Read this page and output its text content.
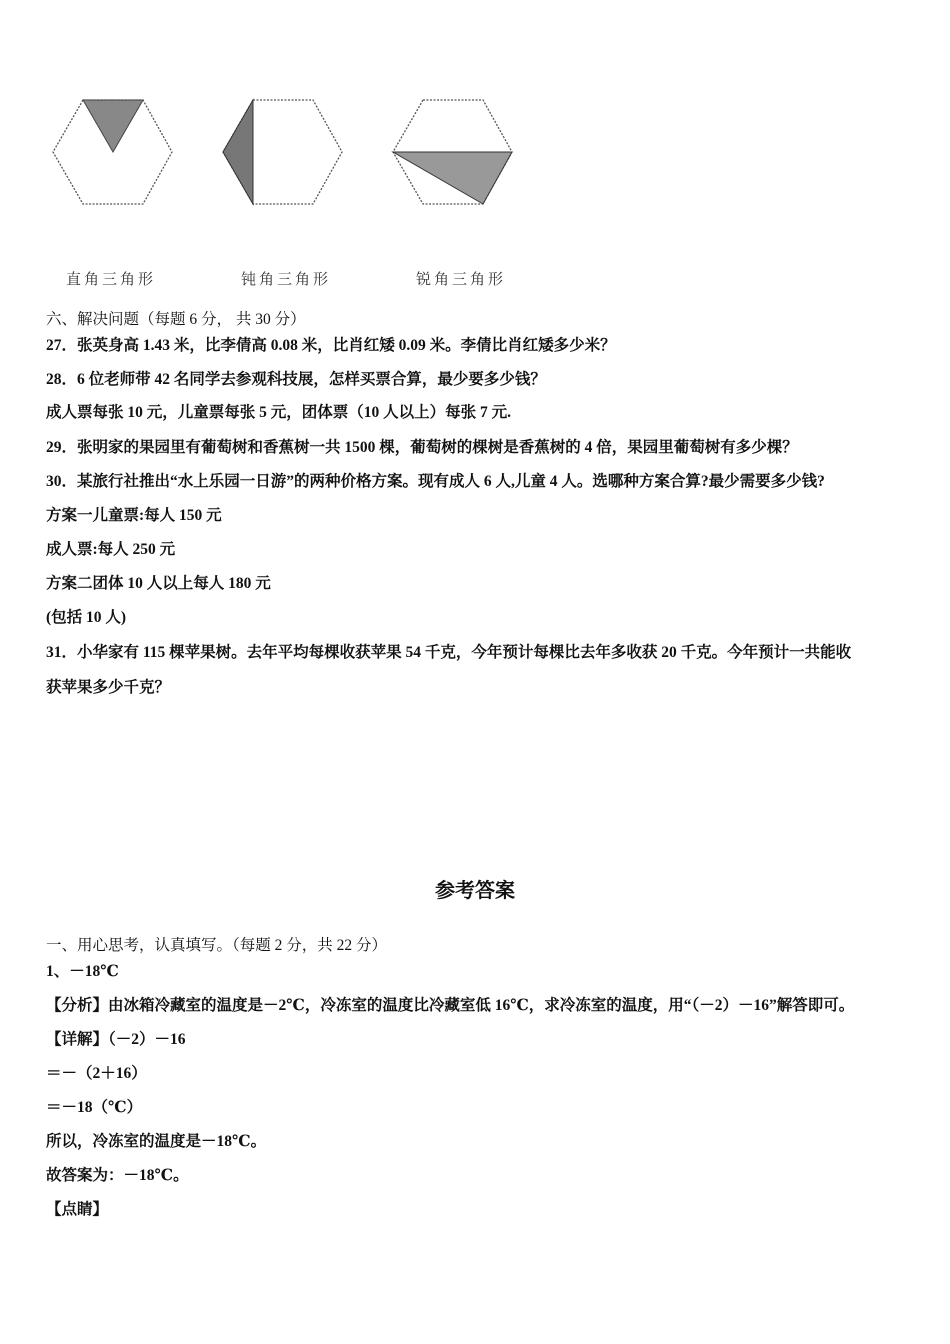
直角三角形	钝角三角形	锐角三角形
六、解决问题（每题 6 分， 共 30 分）
27．张英身高 1.43 米，比李倩高 0.08 米，比肖红矮 0.09 米。李倩比肖红矮多少米？
28．6 位老师带 42 名同学去参观科技展，怎样买票合算，最少要多少钱？
成人票每张 10 元，儿童票每张 5 元，团体票（10 人以上）每张 7 元.
29．张明家的果园里有葡萄树和香蕉树一共 1500 棵，葡萄树的棵树是香蕉树的 4 倍，果园里葡萄树有多少棵？
30．某旅行社推出“水上乐园一日游”的两种价格方案。现有成人 6 人,儿童 4 人。选哪种方案合算?最少需要多少钱?
方案一儿童票:每人 150 元
成人票:每人 250 元
方案二团体 10 人以上每人 180 元
(包括 10 人)
31．小华家有 115 棵苹果树。去年平均每棵收获苹果 54 千克，今年预计每棵比去年多收获 20 千克。今年预计一共能收
获苹果多少千克？
参考答案
一、用心思考，认真填写。（每题 2 分，共 22 分）
1、－18℃
【分析】由冰箱冷藏室的温度是－2℃，冷冻室的温度比冷藏室低 16℃，求冷冻室的温度，用“（－2）－16”解答即可。
【详解】（－2）－16
＝－（2＋16）
＝－18（℃）
所以，冷冻室的温度是－18℃。
故答案为：－18℃。
【点睛】
